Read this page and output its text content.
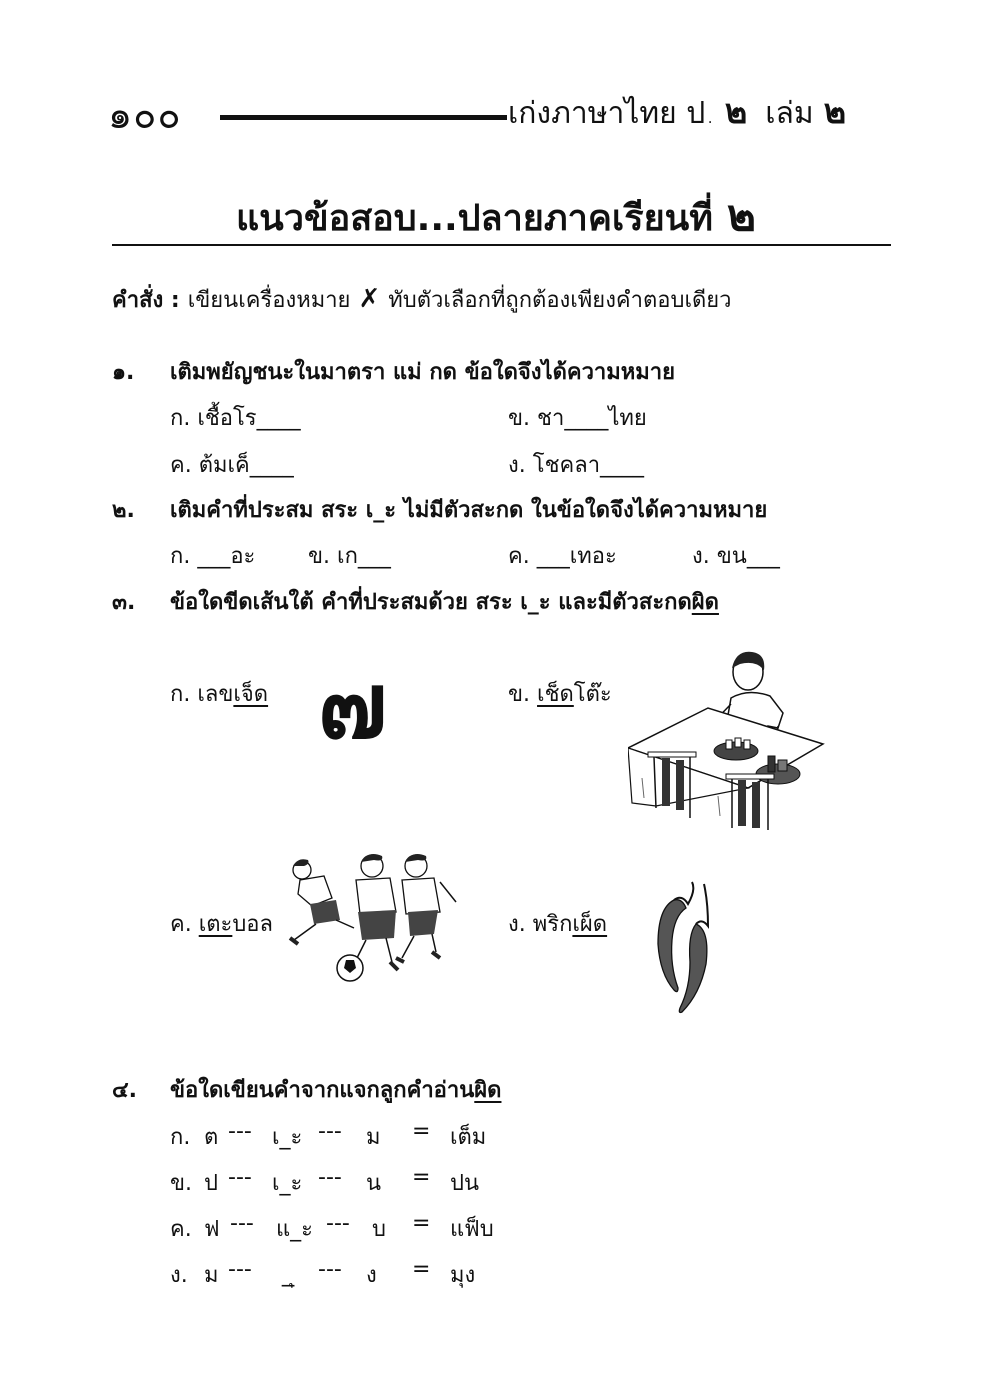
๑๐๐	เก่งภาษาไทย ป. ๒ เล่ม ๒
แนวข้อสอบ...ปลายภาคเรียนที่ ๒
คำสั่ง : เขียนเครื่องหมาย ✗ ทับตัวเลือกที่ถูกต้องเพียงคำตอบเดียว
๑. เติมพยัญชนะในมาตรา แม่ กด ข้อใดจึงได้ความหมาย
ก. เชื้อโร____	ข. ชา____ไทย
ค. ต้มเค็____	ง. โชคลา____
๒. เติมคำที่ประสม สระ เ_ะ ไม่มีตัวสะกด ในข้อใดจึงได้ความหมาย
ก. ___อะ ข. เก___	ค. ___เทอะ	ง. ขน___
๓. ข้อใดขีดเส้นใต้ คำที่ประสมด้วย สระ เ_ะ และมีตัวสะกดผิด
ก. เลขเจ็ด ๗	ข. เช็ดโต๊ะ
ค. เตะบอล	ง. พริกเผ็ด
๔. ข้อใดเขียนคำจากแจกลูกคำอ่านผิด
ก. ต --- เ_ะ --- ม = เต็ม
ข. ป --- เ_ะ --- น = ปน
ค. ฟ --- แ_ะ --- บ = แฟ็บ
ง. ม --- _ุ --- ง = มุง
